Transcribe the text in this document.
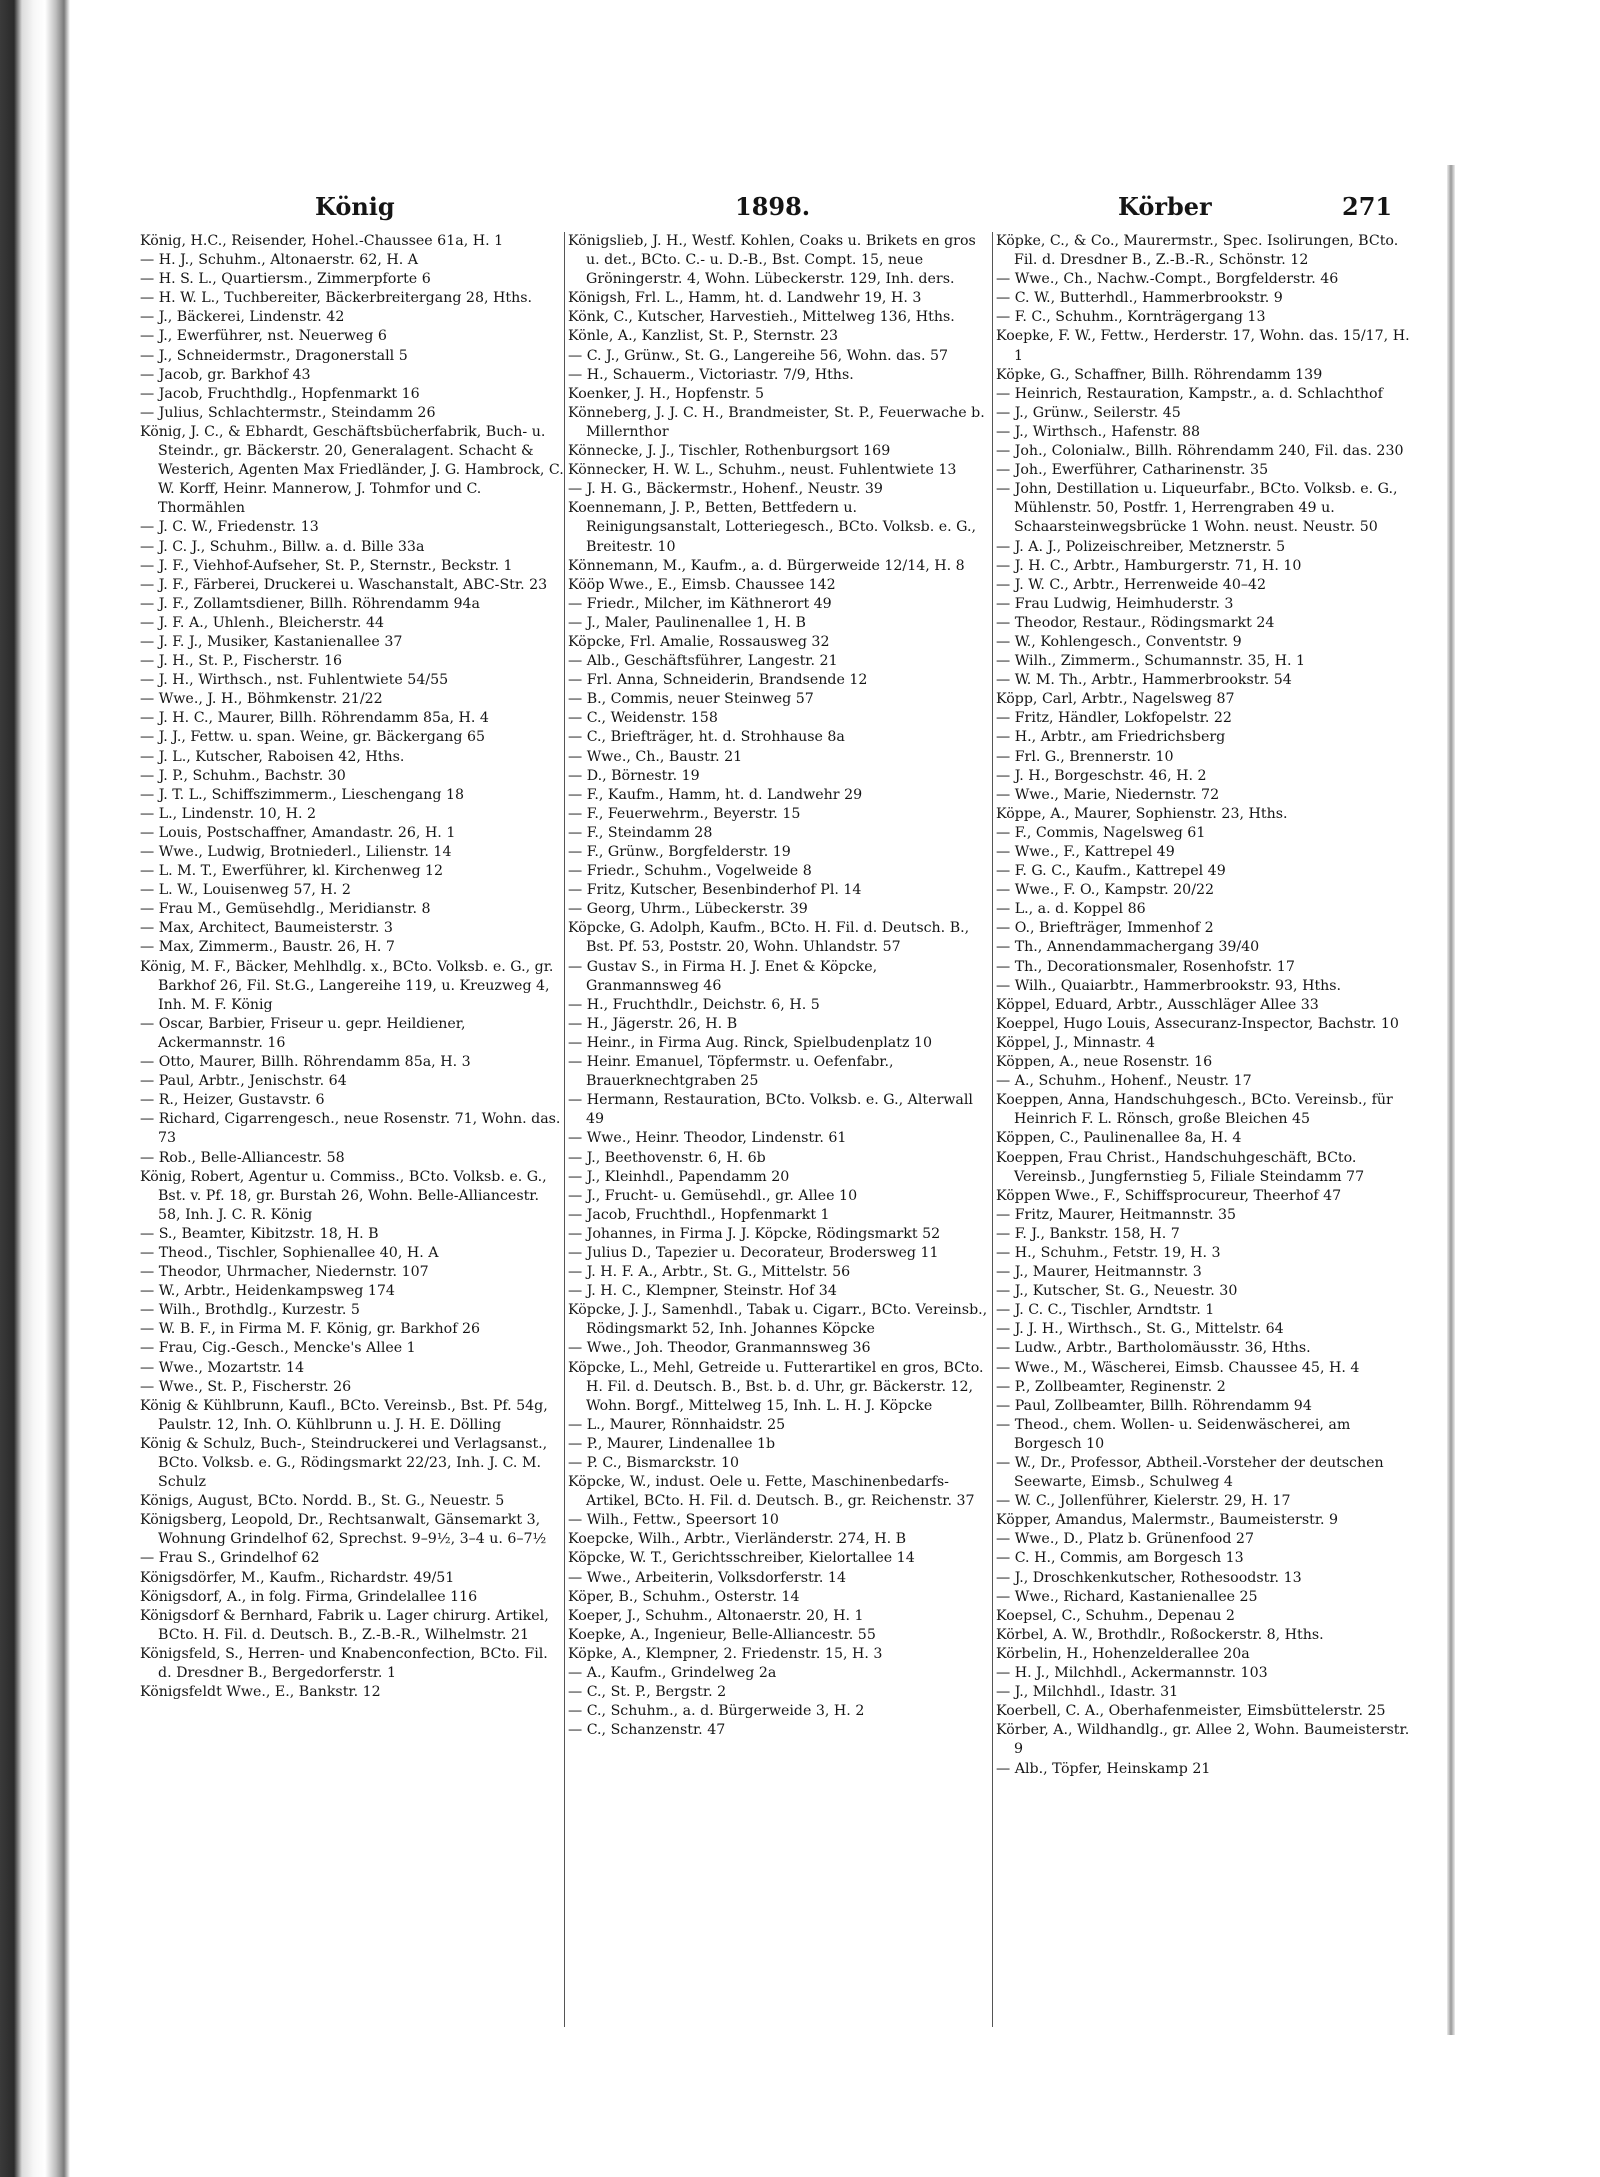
König	1898.	Körber	271

König, H.C., Reisender, Hohel.-Chaussee 61a, H. 1

— H. J., Schuhm., Altonaerstr. 62, H. A

— H. S. L., Quartiersm., Zimmerpforte 6

— H. W. L., Tuchbereiter, Bäckerbreitergang 28, Hths.

— J., Bäckerei, Lindenstr. 42

— J., Ewerführer, nst. Neuerweg 6

— J., Schneidermstr., Dragonerstall 5

— Jacob, gr. Barkhof 43

— Jacob, Fruchthdlg., Hopfenmarkt 16

— Julius, Schlachtermstr., Steindamm 26

König, J. C., & Ebhardt, Geschäftsbücherfabrik, Buch- u. Steindr., gr. Bäckerstr. 20, Generalagent. Schacht & Westerich, Agenten Max Friedländer, J. G. Hambrock, C. W. Korff, Heinr. Mannerow, J. Tohmfor und C. Thormählen

— J. C. W., Friedenstr. 13

— J. C. J., Schuhm., Billw. a. d. Bille 33a

— J. F., Viehhof-Aufseher, St. P., Sternstr., Beckstr. 1

— J. F., Färberei, Druckerei u. Waschanstalt, ABC-Str. 23

— J. F., Zollamtsdiener, Billh. Röhrendamm 94a

— J. F. A., Uhlenh., Bleicherstr. 44

— J. F. J., Musiker, Kastanienallee 37

— J. H., St. P., Fischerstr. 16

— J. H., Wirthsch., nst. Fuhlentwiete 54/55

— Wwe., J. H., Böhmkenstr. 21/22

— J. H. C., Maurer, Billh. Röhrendamm 85a, H. 4

— J. J., Fettw. u. span. Weine, gr. Bäckergang 65

— J. L., Kutscher, Raboisen 42, Hths.

— J. P., Schuhm., Bachstr. 30

— J. T. L., Schiffszimmerm., Lieschengang 18

— L., Lindenstr. 10, H. 2

— Louis, Postschaffner, Amandastr. 26, H. 1

— Wwe., Ludwig, Brotniederl., Lilienstr. 14

— L. M. T., Ewerführer, kl. Kirchenweg 12

— L. W., Louisenweg 57, H. 2

— Frau M., Gemüsehdlg., Meridianstr. 8

— Max, Architect, Baumeisterstr. 3

— Max, Zimmerm., Baustr. 26, H. 7

König, M. F., Bäcker, Mehlhdlg. x., BCto. Volksb. e. G., gr. Barkhof 26, Fil. St.G., Langereihe 119, u. Kreuzweg 4, Inh. M. F. König

— Oscar, Barbier, Friseur u. gepr. Heildiener, Ackermannstr. 16

— Otto, Maurer, Billh. Röhrendamm 85a, H. 3

— Paul, Arbtr., Jenischstr. 64

— R., Heizer, Gustavstr. 6

— Richard, Cigarrengesch., neue Rosenstr. 71, Wohn. das. 73

— Rob., Belle-Alliancestr. 58

König, Robert, Agentur u. Commiss., BCto. Volksb. e. G., Bst. v. Pf. 18, gr. Burstah 26, Wohn. Belle-Alliancestr. 58, Inh. J. C. R. König

— S., Beamter, Kibitzstr. 18, H. B

— Theod., Tischler, Sophienallee 40, H. A

— Theodor, Uhrmacher, Niedernstr. 107

— W., Arbtr., Heidenkampsweg 174

— Wilh., Brothdlg., Kurzestr. 5

— W. B. F., in Firma M. F. König, gr. Barkhof 26

— Frau, Cig.-Gesch., Mencke's Allee 1

— Wwe., Mozartstr. 14

— Wwe., St. P., Fischerstr. 26

König & Kühlbrunn, Kaufl., BCto. Vereinsb., Bst. Pf. 54g, Paulstr. 12, Inh. O. Kühlbrunn u. J. H. E. Dölling

König & Schulz, Buch-, Steindruckerei und Verlagsanst., BCto. Volksb. e. G., Rödingsmarkt 22/23, Inh. J. C. M. Schulz

Königs, August, BCto. Nordd. B., St. G., Neuestr. 5

Königsberg, Leopold, Dr., Rechtsanwalt, Gänsemarkt 3, Wohnung Grindelhof 62, Sprechst. 9–9½, 3–4 u. 6–7½

— Frau S., Grindelhof 62

Königsdörfer, M., Kaufm., Richardstr. 49/51

Königsdorf, A., in folg. Firma, Grindelallee 116

Königsdorf & Bernhard, Fabrik u. Lager chirurg. Artikel, BCto. H. Fil. d. Deutsch. B., Z.-B.-R., Wilhelmstr. 21

Königsfeld, S., Herren- und Knabenconfection, BCto. Fil. d. Dresdner B., Bergedorferstr. 1

Königsfeldt Wwe., E., Bankstr. 12

Königslieb, J. H., Westf. Kohlen, Coaks u. Brikets en gros u. det., BCto. C.- u. D.-B., Bst. Compt. 15, neue Gröningerstr. 4, Wohn. Lübeckerstr. 129, Inh. ders.

Königsh, Frl. L., Hamm, ht. d. Landwehr 19, H. 3

Könk, C., Kutscher, Harvestieh., Mittelweg 136, Hths.

Könle, A., Kanzlist, St. P., Sternstr. 23

— C. J., Grünw., St. G., Langereihe 56, Wohn. das. 57

— H., Schauerm., Victoriastr. 7/9, Hths.

Koenker, J. H., Hopfenstr. 5

Könneberg, J. J. C. H., Brandmeister, St. P., Feuerwache b. Millernthor

Könnecke, J. J., Tischler, Rothenburgsort 169

Könnecker, H. W. L., Schuhm., neust. Fuhlentwiete 13

— J. H. G., Bäckermstr., Hohenf., Neustr. 39

Koennemann, J. P., Betten, Bettfedern u. Reinigungsanstalt, Lotteriegesch., BCto. Volksb. e. G., Breitestr. 10

Könnemann, M., Kaufm., a. d. Bürgerweide 12/14, H. 8

Kööp Wwe., E., Eimsb. Chaussee 142

— Friedr., Milcher, im Käthnerort 49

— J., Maler, Paulinenallee 1, H. B

Köpcke, Frl. Amalie, Rossausweg 32

— Alb., Geschäftsführer, Langestr. 21

— Frl. Anna, Schneiderin, Brandsende 12

— B., Commis, neuer Steinweg 57

— C., Weidenstr. 158

— C., Briefträger, ht. d. Strohhause 8a

— Wwe., Ch., Baustr. 21

— D., Börnestr. 19

— F., Kaufm., Hamm, ht. d. Landwehr 29

— F., Feuerwehrm., Beyerstr. 15

— F., Steindamm 28

— F., Grünw., Borgfelderstr. 19

— Friedr., Schuhm., Vogelweide 8

— Fritz, Kutscher, Besenbinderhof Pl. 14

— Georg, Uhrm., Lübeckerstr. 39

Köpcke, G. Adolph, Kaufm., BCto. H. Fil. d. Deutsch. B., Bst. Pf. 53, Poststr. 20, Wohn. Uhlandstr. 57

— Gustav S., in Firma H. J. Enet & Köpcke, Granmannsweg 46

— H., Fruchthdlr., Deichstr. 6, H. 5

— H., Jägerstr. 26, H. B

— Heinr., in Firma Aug. Rinck, Spielbudenplatz 10

— Heinr. Emanuel, Töpfermstr. u. Oefenfabr., Brauerknechtgraben 25

— Hermann, Restauration, BCto. Volksb. e. G., Alterwall 49

— Wwe., Heinr. Theodor, Lindenstr. 61

— J., Beethovenstr. 6, H. 6b

— J., Kleinhdl., Papendamm 20

— J., Frucht- u. Gemüsehdl., gr. Allee 10

— Jacob, Fruchthdl., Hopfenmarkt 1

— Johannes, in Firma J. J. Köpcke, Rödingsmarkt 52

— Julius D., Tapezier u. Decorateur, Brodersweg 11

— J. H. F. A., Arbtr., St. G., Mittelstr. 56

— J. H. C., Klempner, Steinstr. Hof 34

Köpcke, J. J., Samenhdl., Tabak u. Cigarr., BCto. Vereinsb., Rödingsmarkt 52, Inh. Johannes Köpcke

— Wwe., Joh. Theodor, Granmannsweg 36

Köpcke, L., Mehl, Getreide u. Futterartikel en gros, BCto. H. Fil. d. Deutsch. B., Bst. b. d. Uhr, gr. Bäckerstr. 12, Wohn. Borgf., Mittelweg 15, Inh. L. H. J. Köpcke

— L., Maurer, Rönnhaidstr. 25

— P., Maurer, Lindenallee 1b

— P. C., Bismarckstr. 10

Köpcke, W., indust. Oele u. Fette, Maschinenbedarfs-Artikel, BCto. H. Fil. d. Deutsch. B., gr. Reichenstr. 37

— Wilh., Fettw., Speersort 10

Koepcke, Wilh., Arbtr., Vierländerstr. 274, H. B

Köpcke, W. T., Gerichtsschreiber, Kielortallee 14

— Wwe., Arbeiterin, Volksdorferstr. 14

Köper, B., Schuhm., Osterstr. 14

Koeper, J., Schuhm., Altonaerstr. 20, H. 1

Koepke, A., Ingenieur, Belle-Alliancestr. 55

Köpke, A., Klempner, 2. Friedenstr. 15, H. 3

— A., Kaufm., Grindelweg 2a

— C., St. P., Bergstr. 2

— C., Schuhm., a. d. Bürgerweide 3, H. 2

— C., Schanzenstr. 47

Köpke, C., & Co., Maurermstr., Spec. Isolirungen, BCto. Fil. d. Dresdner B., Z.-B.-R., Schönstr. 12

— Wwe., Ch., Nachw.-Compt., Borgfelderstr. 46

— C. W., Butterhdl., Hammerbrookstr. 9

— F. C., Schuhm., Kornträgergang 13

Koepke, F. W., Fettw., Herderstr. 17, Wohn. das. 15/17, H. 1

Köpke, G., Schaffner, Billh. Röhrendamm 139

— Heinrich, Restauration, Kampstr., a. d. Schlachthof

— J., Grünw., Seilerstr. 45

— J., Wirthsch., Hafenstr. 88

— Joh., Colonialw., Billh. Röhrendamm 240, Fil. das. 230

— Joh., Ewerführer, Catharinenstr. 35

— John, Destillation u. Liqueurfabr., BCto. Volksb. e. G., Mühlenstr. 50, Postfr. 1, Herrengraben 49 u. Schaarsteinwegsbrücke 1 Wohn. neust. Neustr. 50

— J. A. J., Polizeischreiber, Metznerstr. 5

— J. H. C., Arbtr., Hamburgerstr. 71, H. 10

— J. W. C., Arbtr., Herrenweide 40–42

— Frau Ludwig, Heimhuderstr. 3

— Theodor, Restaur., Rödingsmarkt 24

— W., Kohlengesch., Conventstr. 9

— Wilh., Zimmerm., Schumannstr. 35, H. 1

— W. M. Th., Arbtr., Hammerbrookstr. 54

Köpp, Carl, Arbtr., Nagelsweg 87

— Fritz, Händler, Lokfopelstr. 22

— H., Arbtr., am Friedrichsberg

— Frl. G., Brennerstr. 10

— J. H., Borgeschstr. 46, H. 2

— Wwe., Marie, Niedernstr. 72

Köppe, A., Maurer, Sophienstr. 23, Hths.

— F., Commis, Nagelsweg 61

— Wwe., F., Kattrepel 49

— F. G. C., Kaufm., Kattrepel 49

— Wwe., F. O., Kampstr. 20/22

— L., a. d. Koppel 86

— O., Briefträger, Immenhof 2

— Th., Annendammachergang 39/40

— Th., Decorationsmaler, Rosenhofstr. 17

— Wilh., Quaiarbtr., Hammerbrookstr. 93, Hths.

Köppel, Eduard, Arbtr., Ausschläger Allee 33

Koeppel, Hugo Louis, Assecuranz-Inspector, Bachstr. 10

Köppel, J., Minnastr. 4

Köppen, A., neue Rosenstr. 16

— A., Schuhm., Hohenf., Neustr. 17

Koeppen, Anna, Handschuhgesch., BCto. Vereinsb., für Heinrich F. L. Rönsch, große Bleichen 45

Köppen, C., Paulinenallee 8a, H. 4

Koeppen, Frau Christ., Handschuhgeschäft, BCto. Vereinsb., Jungfernstieg 5, Filiale Steindamm 77

Köppen Wwe., F., Schiffsprocureur, Theerhof 47

— Fritz, Maurer, Heitmannstr. 35

— F. J., Bankstr. 158, H. 7

— H., Schuhm., Fetstr. 19, H. 3

— J., Maurer, Heitmannstr. 3

— J., Kutscher, St. G., Neuestr. 30

— J. C. C., Tischler, Arndtstr. 1

— J. J. H., Wirthsch., St. G., Mittelstr. 64

— Ludw., Arbtr., Bartholomäusstr. 36, Hths.

— Wwe., M., Wäscherei, Eimsb. Chaussee 45, H. 4

— P., Zollbeamter, Reginenstr. 2

— Paul, Zollbeamter, Billh. Röhrendamm 94

— Theod., chem. Wollen- u. Seidenwäscherei, am Borgesch 10

— W., Dr., Professor, Abtheil.-Vorsteher der deutschen Seewarte, Eimsb., Schulweg 4

— W. C., Jollenführer, Kielerstr. 29, H. 17

Köpper, Amandus, Malermstr., Baumeisterstr. 9

— Wwe., D., Platz b. Grünenfood 27

— C. H., Commis, am Borgesch 13

— J., Droschkenkutscher, Rothesoodstr. 13

— Wwe., Richard, Kastanienallee 25

Koepsel, C., Schuhm., Depenau 2

Körbel, A. W., Brothdlr., Roßockerstr. 8, Hths.

Körbelin, H., Hohenzelderallee 20a

— H. J., Milchhdl., Ackermannstr. 103

— J., Milchhdl., Idastr. 31

Koerbell, C. A., Oberhafenmeister, Eimsbüttelerstr. 25

Körber, A., Wildhandlg., gr. Allee 2, Wohn. Baumeisterstr. 9

— Alb., Töpfer, Heinskamp 21
